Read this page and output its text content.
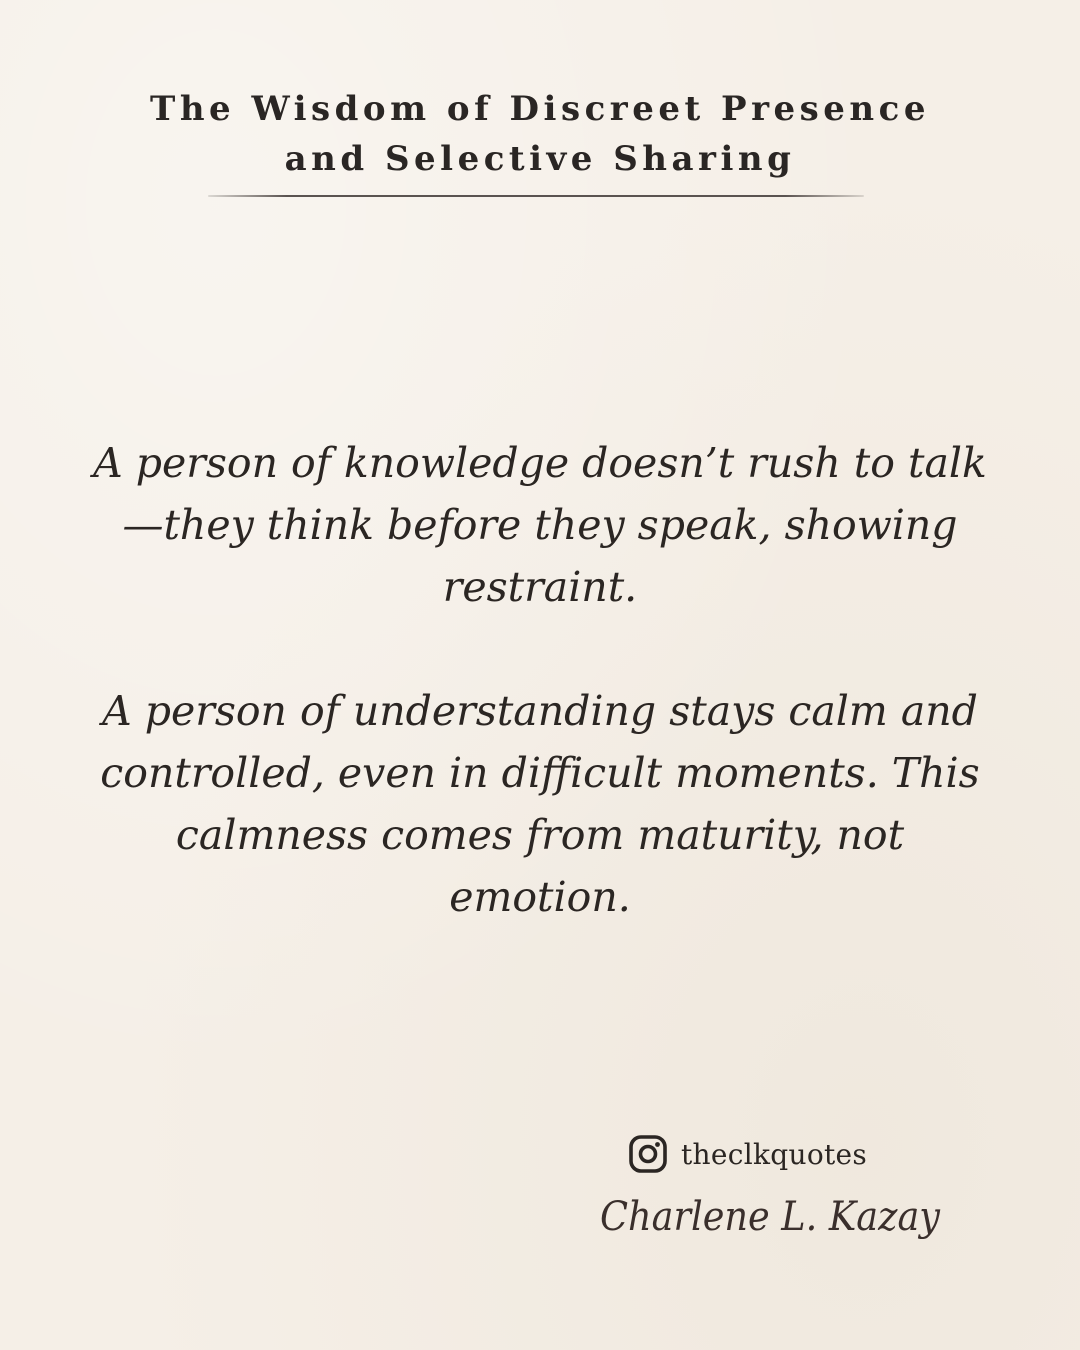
The Wisdom of Discreet Presence
and Selective Sharing

A person of knowledge doesn’t rush to talk—they think before they speak, showing restraint.

A person of understanding stays calm and controlled, even in difficult moments. This calmness comes from maturity, not emotion.

theclkquotes
Charlene L. Kazay
